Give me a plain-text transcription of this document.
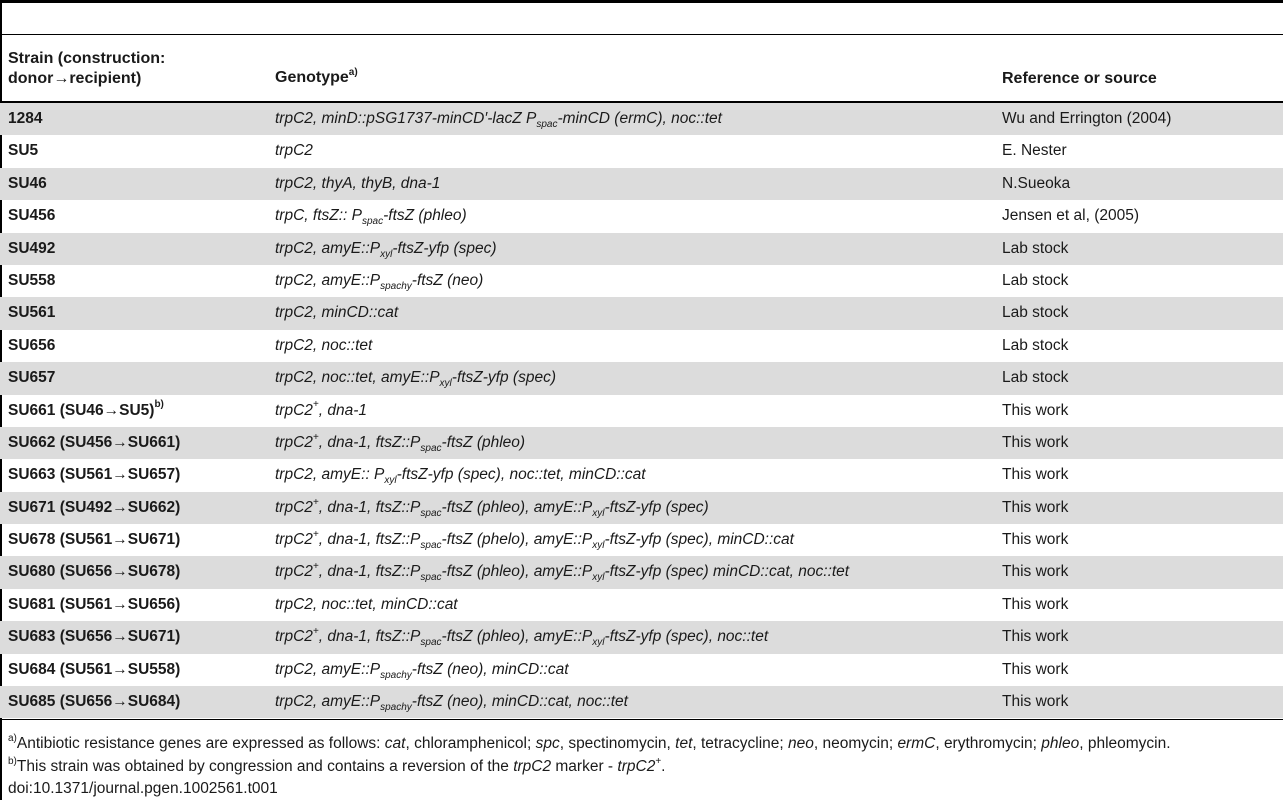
Strain (construction:
donor→recipient)	Genotype$^{a)}$	Reference or source
1284	trpC2, minD::pSG1737-minCD′-lacZ $P_{spac}$-minCD (ermC), noc::tet	Wu and Errington (2004)
SU5	trpC2	E. Nester
SU46	trpC2, thyA, thyB, dna-1	N.Sueoka
SU456	trpC, ftsZ:: $P_{spac}$-ftsZ (phleo)	Jensen et al, (2005)
SU492	trpC2, $amyE::P_{xyl}-ftsZ$-yfp (spec)	Lab stock
SU558	trpC2, $amyE::P_{spachy}$-ftsZ (neo)	Lab stock
SU561	trpC2, minCD::cat	Lab stock
SU656	trpC2, noc::tet	Lab stock
SU657	trpC2, noc::tet, $amyE::P_{xyl}-ftsZ$-yfp (spec)	Lab stock
SU661 $(SU46\to SU5)^{b)}$	trpC2+, dna-1	This work
SU662 (SU456→SU661)	trpC2+, dna-1, $ftsZ::P_{spac}$-ftsZ (phleo)	This work
SU663 (SU561→SU657)	trpC2, amyE:: $P_{xyl}-ftsZ$-yfp (spec), noc::tet, minCD::cat	This work
SU671 (SU492→SU662)	trpC2+, dna-1, $ftsZ::P_{spac}$-ftsZ (phleo), $amyE::P_{xyl}-ftsZ$-yfp (spec)	This work
SU678 (SU561→SU671)	trpC2+, dna-1, $ftsZ::P_{spac}$-ftsZ (phelo), $amyE::P_{xyl}-ftsZ$-yfp (spec), minCD::cat	This work
SU680 (SU656→SU678)	trpC2+, dna-1, $ftsZ::P_{spac}$-ftsZ (phleo), $amyE::P_{xyl}-ftsZ$-yfp (spec) minCD::cat, noc::tet	This work
SU681 (SU561→SU656)	trpC2, noc::tet, minCD::cat	This work
SU683 (SU656→SU671)	trpC2+, dna-1, $ftsZ::P_{spac}$-ftsZ (phleo), $amyE::P_{xyl}-ftsZ$-yfp (spec), noc::tet	This work
SU684 (SU561→SU558)	trpC2, $amyE::P_{spachy}$-ftsZ (neo), minCD::cat	This work
SU685 (SU656→SU684)	trpC2, $amyE::P_{spachy}$-ftsZ (neo), minCD::cat, noc::tet	This work
$^{a)}$Antibiotic resistance genes are expressed as follows: cat, chloramphenicol; spc, spectinomycin, tet, tetracycline; neo, neomycin; ermC, erythromycin; phleo, phleomycin.
$^{b)}$This strain was obtained by congression and contains a reversion of the trpC2 marker - trpC2+.
doi:10.1371/journal.pgen.1002561.t001
